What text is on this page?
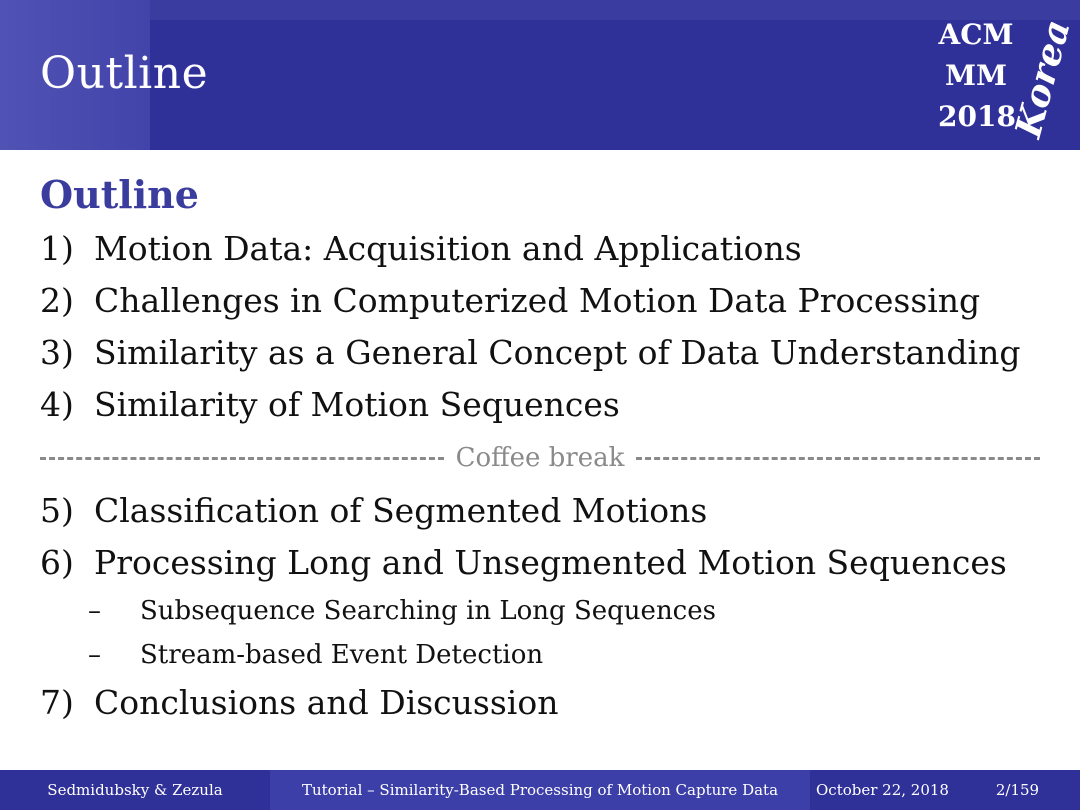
Outline
ACM
MM
2018
Korea
Outline
1) Motion Data: Acquisition and Applications
2) Challenges in Computerized Motion Data Processing
3) Similarity as a General Concept of Data Understanding
4) Similarity of Motion Sequences
Coffee break
5) Classification of Segmented Motions
6) Processing Long and Unsegmented Motion Sequences
–	Subsequence Searching in Long Sequences
–	Stream-based Event Detection
7) Conclusions and Discussion
Sedmidubsky & Zezula	Tutorial – Similarity-Based Processing of Motion Capture Data	October 22, 2018	2/159
